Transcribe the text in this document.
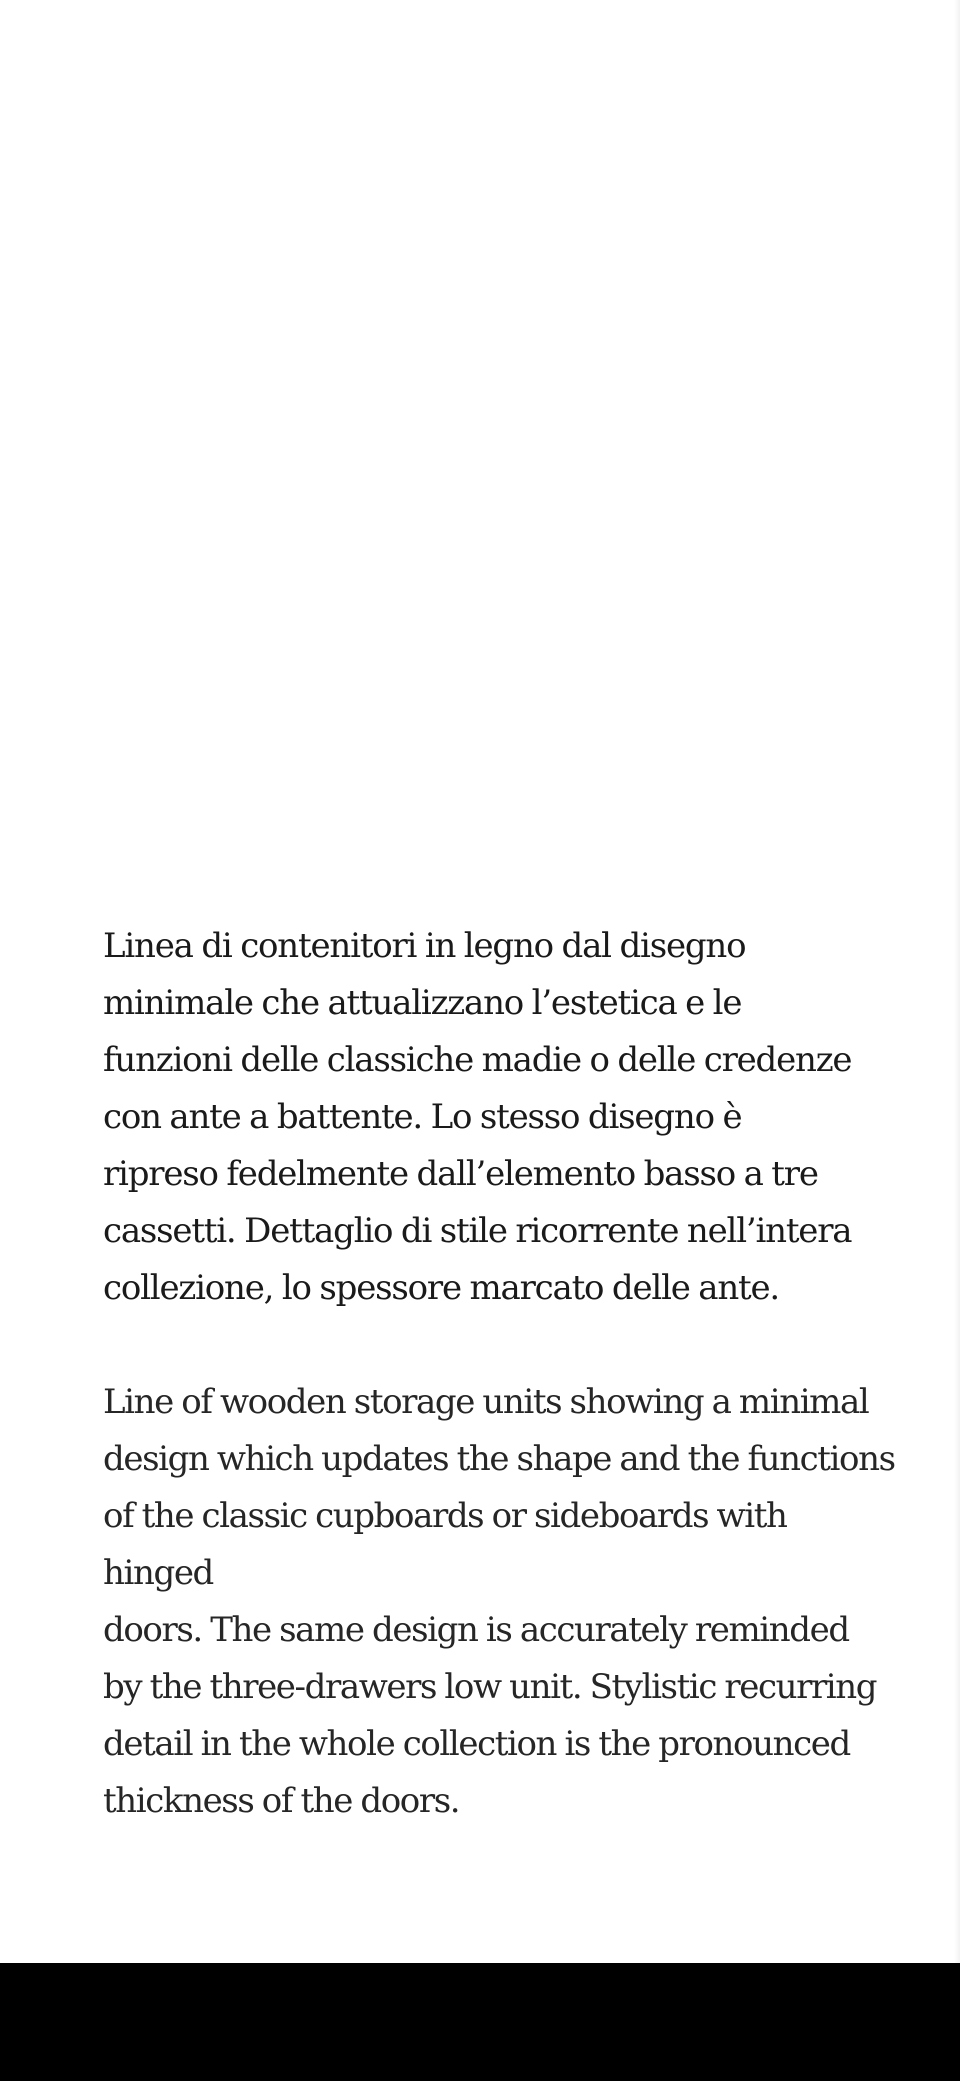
Linea di contenitori in legno dal disegno
minimale che attualizzano l’estetica e le
funzioni delle classiche madie o delle credenze
con ante a battente. Lo stesso disegno è
ripreso fedelmente dall’elemento basso a tre
cassetti. Dettaglio di stile ricorrente nell’intera
collezione, lo spessore marcato delle ante.

Line of wooden storage units showing a minimal
design which updates the shape and the functions
of the classic cupboards or sideboards with hinged
doors. The same design is accurately reminded
by the three-drawers low unit. Stylistic recurring
detail in the whole collection is the pronounced
thickness of the doors.
